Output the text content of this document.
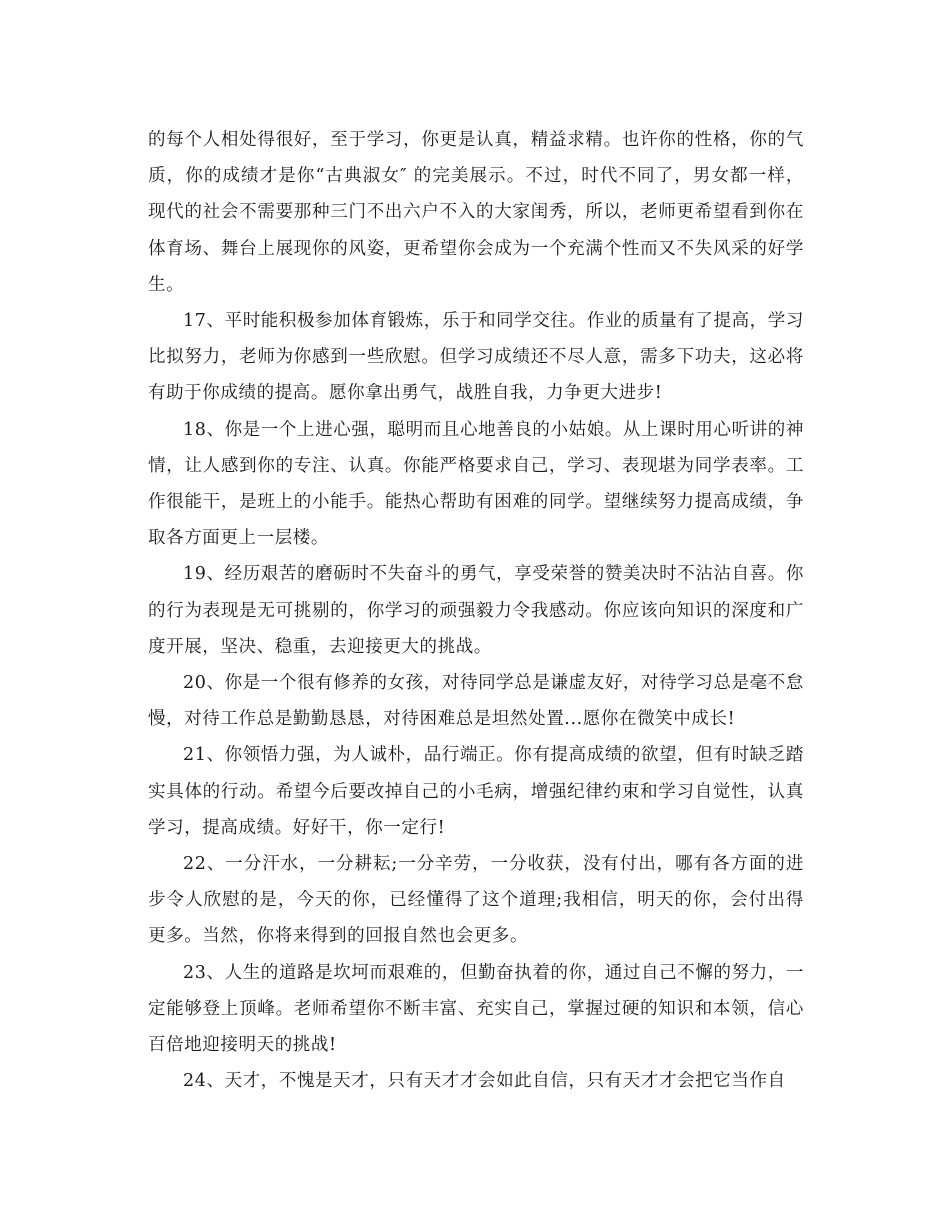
的每个人相处得很好，至于学习，你更是认真，精益求精。也许你的性格，你的气质，你的成绩才是你“古典淑女″ 的完美展示。不过，时代不同了，男女都一样，现代的社会不需要那种三门不出六户不入的大家闺秀，所以，老师更希望看到你在体育场、舞台上展现你的风姿，更希望你会成为一个充满个性而又不失风采的好学生。

17、平时能积极参加体育锻炼，乐于和同学交往。作业的质量有了提高，学习比拟努力，老师为你感到一些欣慰。但学习成绩还不尽人意，需多下功夫，这必将有助于你成绩的提高。愿你拿出勇气，战胜自我，力争更大进步!

18、你是一个上进心强，聪明而且心地善良的小姑娘。从上课时用心听讲的神情，让人感到你的专注、认真。你能严格要求自己，学习、表现堪为同学表率。工作很能干，是班上的小能手。能热心帮助有困难的同学。望继续努力提高成绩，争取各方面更上一层楼。

19、经历艰苦的磨砺时不失奋斗的勇气，享受荣誉的赞美决时不沾沾自喜。你的行为表现是无可挑剔的，你学习的顽强毅力令我感动。你应该向知识的深度和广度开展，坚决、稳重，去迎接更大的挑战。

20、你是一个很有修养的女孩，对待同学总是谦虚友好，对待学习总是毫不怠慢，对待工作总是勤勤恳恳，对待困难总是坦然处置...愿你在微笑中成长!

21、你领悟力强，为人诚朴，品行端正。你有提高成绩的欲望，但有时缺乏踏实具体的行动。希望今后要改掉自己的小毛病，增强纪律约束和学习自觉性，认真学习，提高成绩。好好干，你一定行!

22、一分汗水，一分耕耘;一分辛劳，一分收获，没有付出，哪有各方面的进步令人欣慰的是，今天的你，已经懂得了这个道理;我相信，明天的你，会付出得更多。当然，你将来得到的回报自然也会更多。

23、人生的道路是坎坷而艰难的，但勤奋执着的你，通过自己不懈的努力，一定能够登上顶峰。老师希望你不断丰富、充实自己，掌握过硬的知识和本领，信心百倍地迎接明天的挑战!

24、天才，不愧是天才，只有天才才会如此自信，只有天才才会把它当作自
